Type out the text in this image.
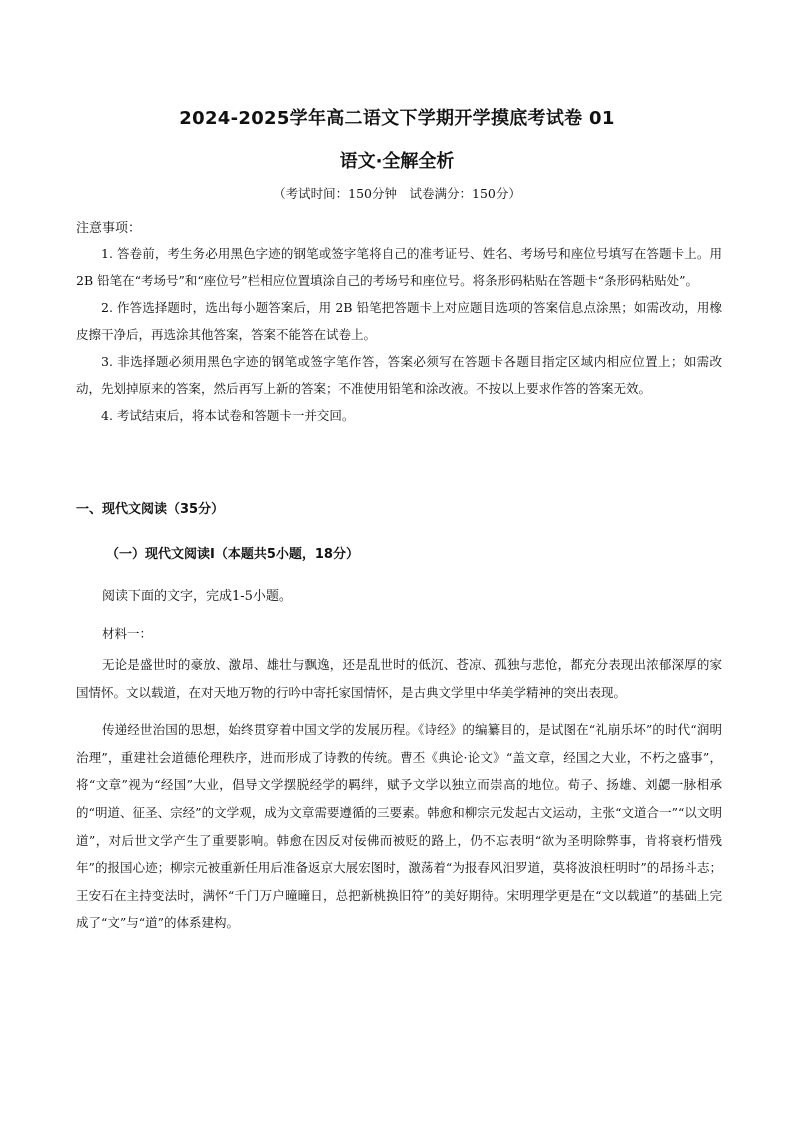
2024-2025学年高二语文下学期开学摸底考试卷 01
语文·全解全析
（考试时间：150分钟　试卷满分：150分）
注意事项：
1. 答卷前，考生务必用黑色字迹的钢笔或签字笔将自己的准考证号、姓名、考场号和座位号填写在答题卡上。用 2B 铅笔在“考场号”和“座位号”栏相应位置填涂自己的考场号和座位号。将条形码粘贴在答题卡“条形码粘贴处”。
2. 作答选择题时，选出每小题答案后，用 2B 铅笔把答题卡上对应题目选项的答案信息点涂黑；如需改动，用橡皮擦干净后，再选涂其他答案，答案不能答在试卷上。
3. 非选择题必须用黑色字迹的钢笔或签字笔作答，答案必须写在答题卡各题目指定区域内相应位置上；如需改动，先划掉原来的答案，然后再写上新的答案；不准使用铅笔和涂改液。不按以上要求作答的答案无效。
4. 考试结束后，将本试卷和答题卡一并交回。
一、现代文阅读（35分）
（一）现代文阅读Ⅰ（本题共5小题，18分）
阅读下面的文字，完成1-5小题。
材料一：

无论是盛世时的豪放、激昂、雄壮与飘逸，还是乱世时的低沉、苍凉、孤独与悲怆，都充分表现出浓郁深厚的家国情怀。文以载道，在对天地万物的行吟中寄托家国情怀，是古典文学里中华美学精神的突出表现。

传递经世治国的思想，始终贯穿着中国文学的发展历程。《诗经》的编纂目的，是试图在“礼崩乐坏”的时代“润明治理”，重建社会道德伦理秩序，进而形成了诗教的传统。曹丕《典论·论文》“盖文章，经国之大业，不朽之盛事”，将“文章”视为“经国”大业，倡导文学摆脱经学的羁绊，赋予文学以独立而崇高的地位。荀子、扬雄、刘勰一脉相承的“明道、征圣、宗经”的文学观，成为文章需要遵循的三要素。韩愈和柳宗元发起古文运动，主张“文道合一”“以文明道”，对后世文学产生了重要影响。韩愈在因反对佞佛而被贬的路上，仍不忘表明“欲为圣明除弊事，肯将衰朽惜残年”的报国心迹；柳宗元被重新任用后准备返京大展宏图时，激荡着“为报春风汨罗道，莫将波浪枉明时”的昂扬斗志；王安石在主持变法时，满怀“千门万户曈曈日，总把新桃换旧符”的美好期待。宋明理学更是在“文以载道”的基础上完成了“文”与“道”的体系建构。
